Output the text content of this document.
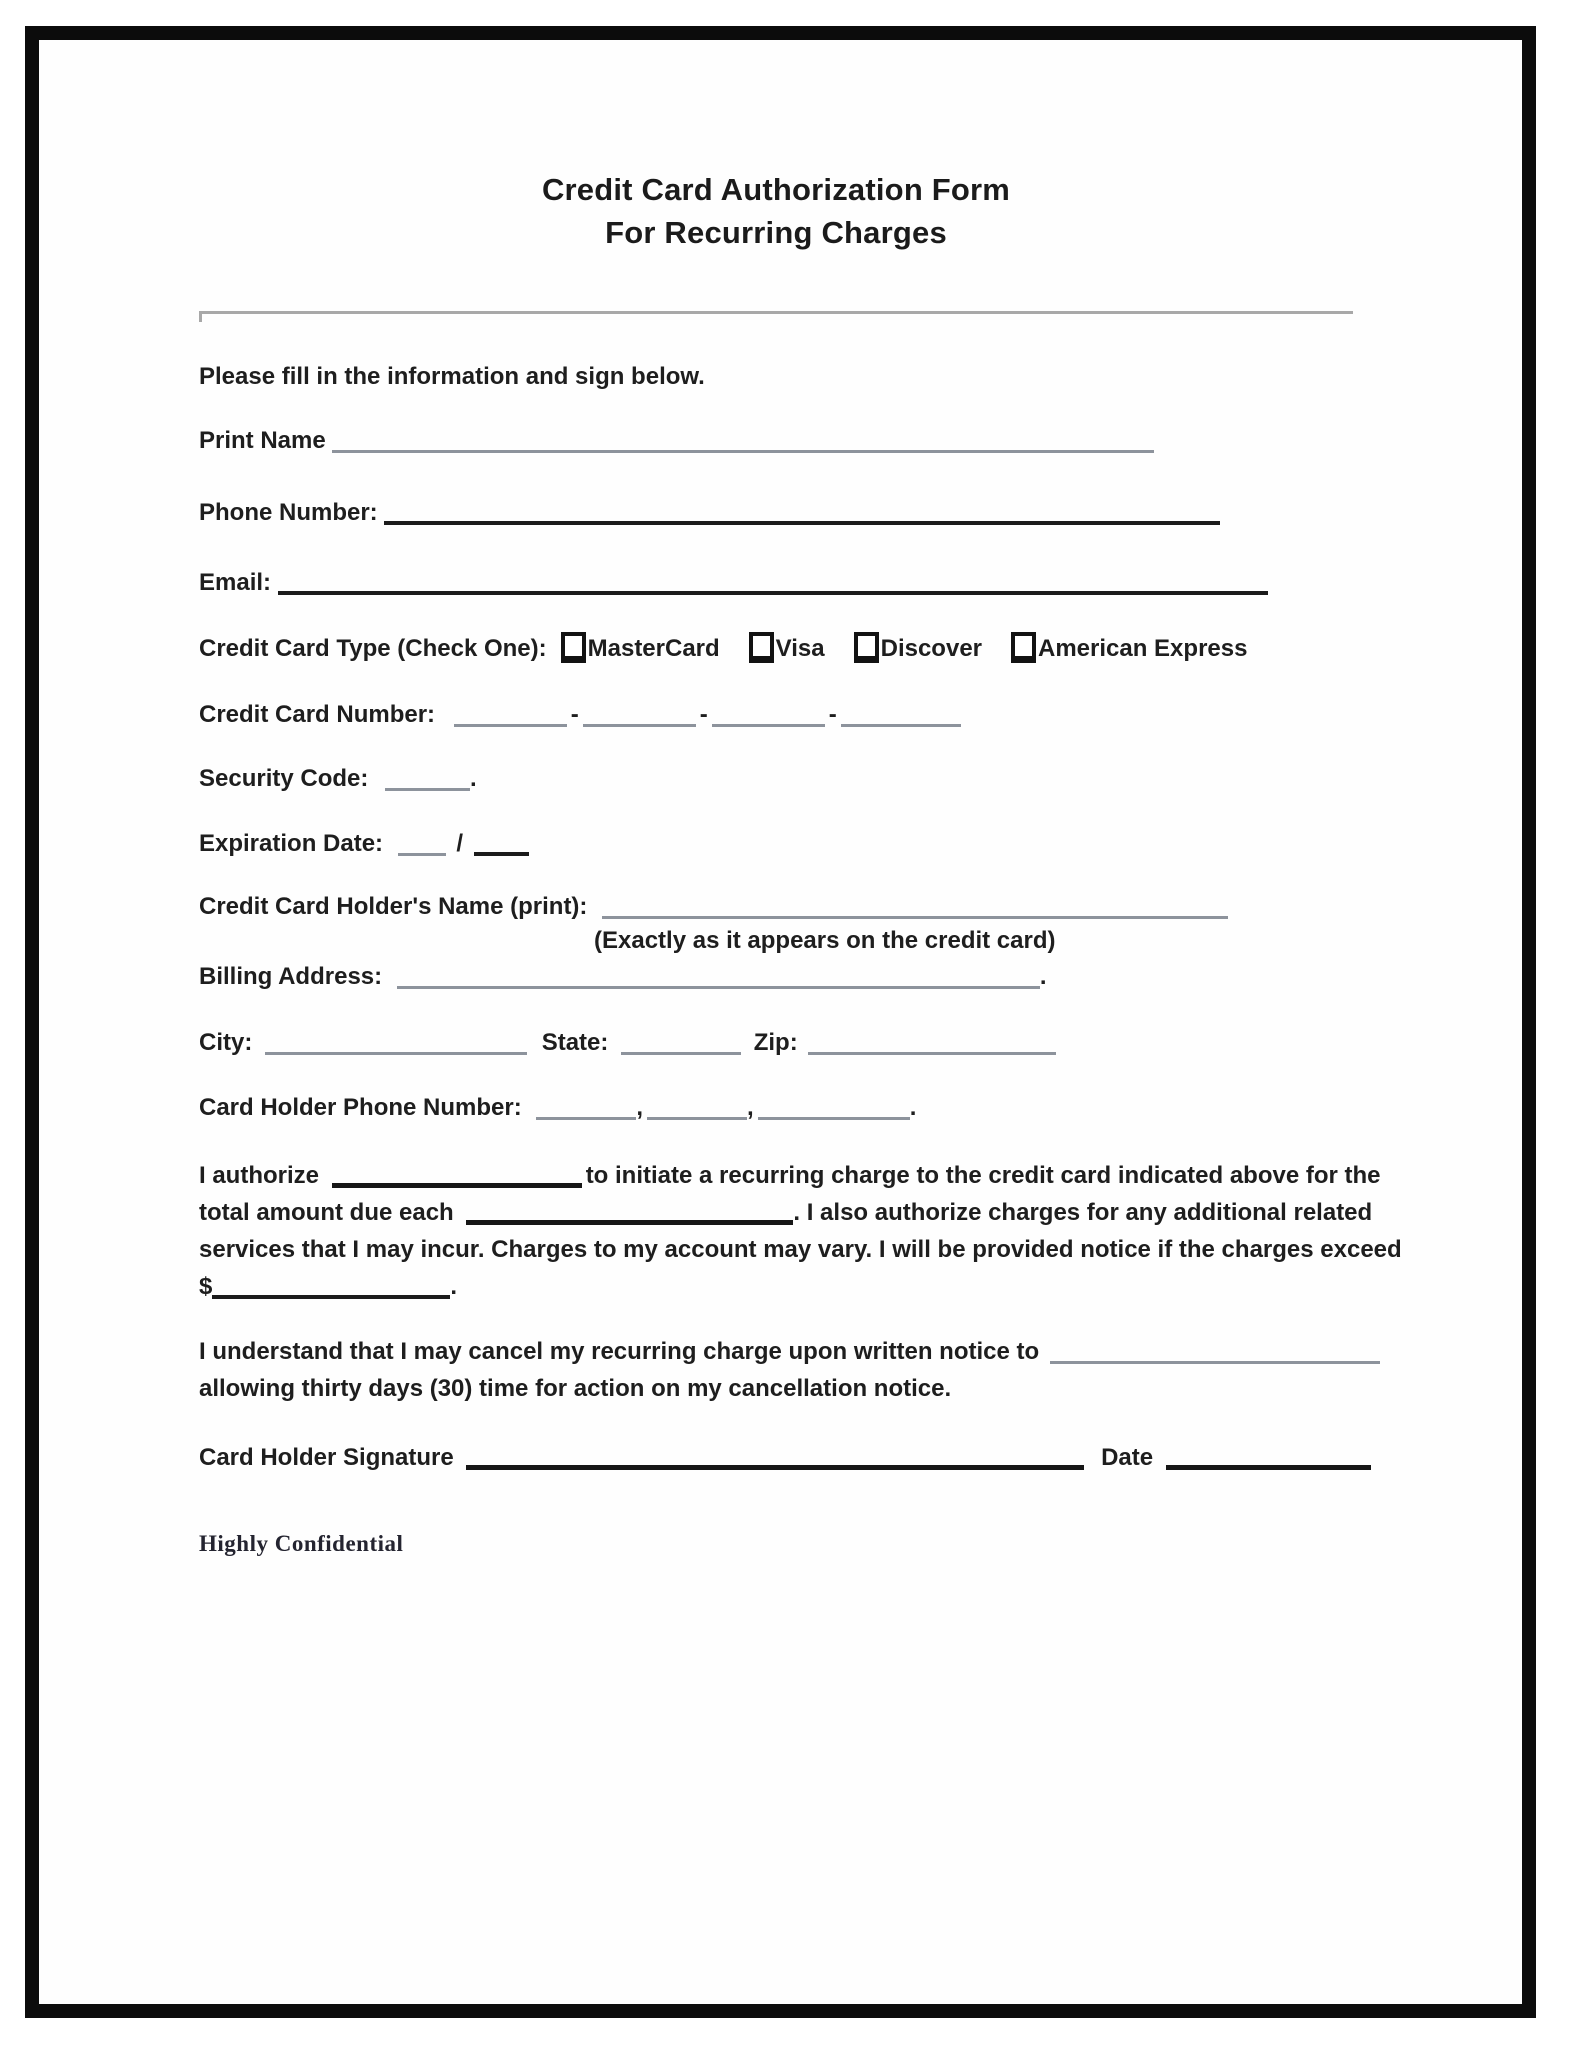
Credit Card Authorization Form
For Recurring Charges
Please fill in the information and sign below.
Print Name
Phone Number:
Email:
Credit Card Type (Check One): MasterCard Visa Discover American Express
Credit Card Number:	-	-	-
Security Code:	.
Expiration Date:	/
Credit Card Holder's Name (print):
(Exactly as it appears on the credit card)
Billing Address:	.
City:	State:	Zip:
Card Holder Phone Number:	,	,	.
I authorize	to initiate a recurring charge to the credit card indicated above for the
total amount due each	. I also authorize charges for any additional related
services that I may incur. Charges to my account may vary. I will be provided notice if the charges exceed
$	.
I understand that I may cancel my recurring charge upon written notice to
allowing thirty days (30) time for action on my cancellation notice.
Card Holder Signature	Date
Highly Confidential
